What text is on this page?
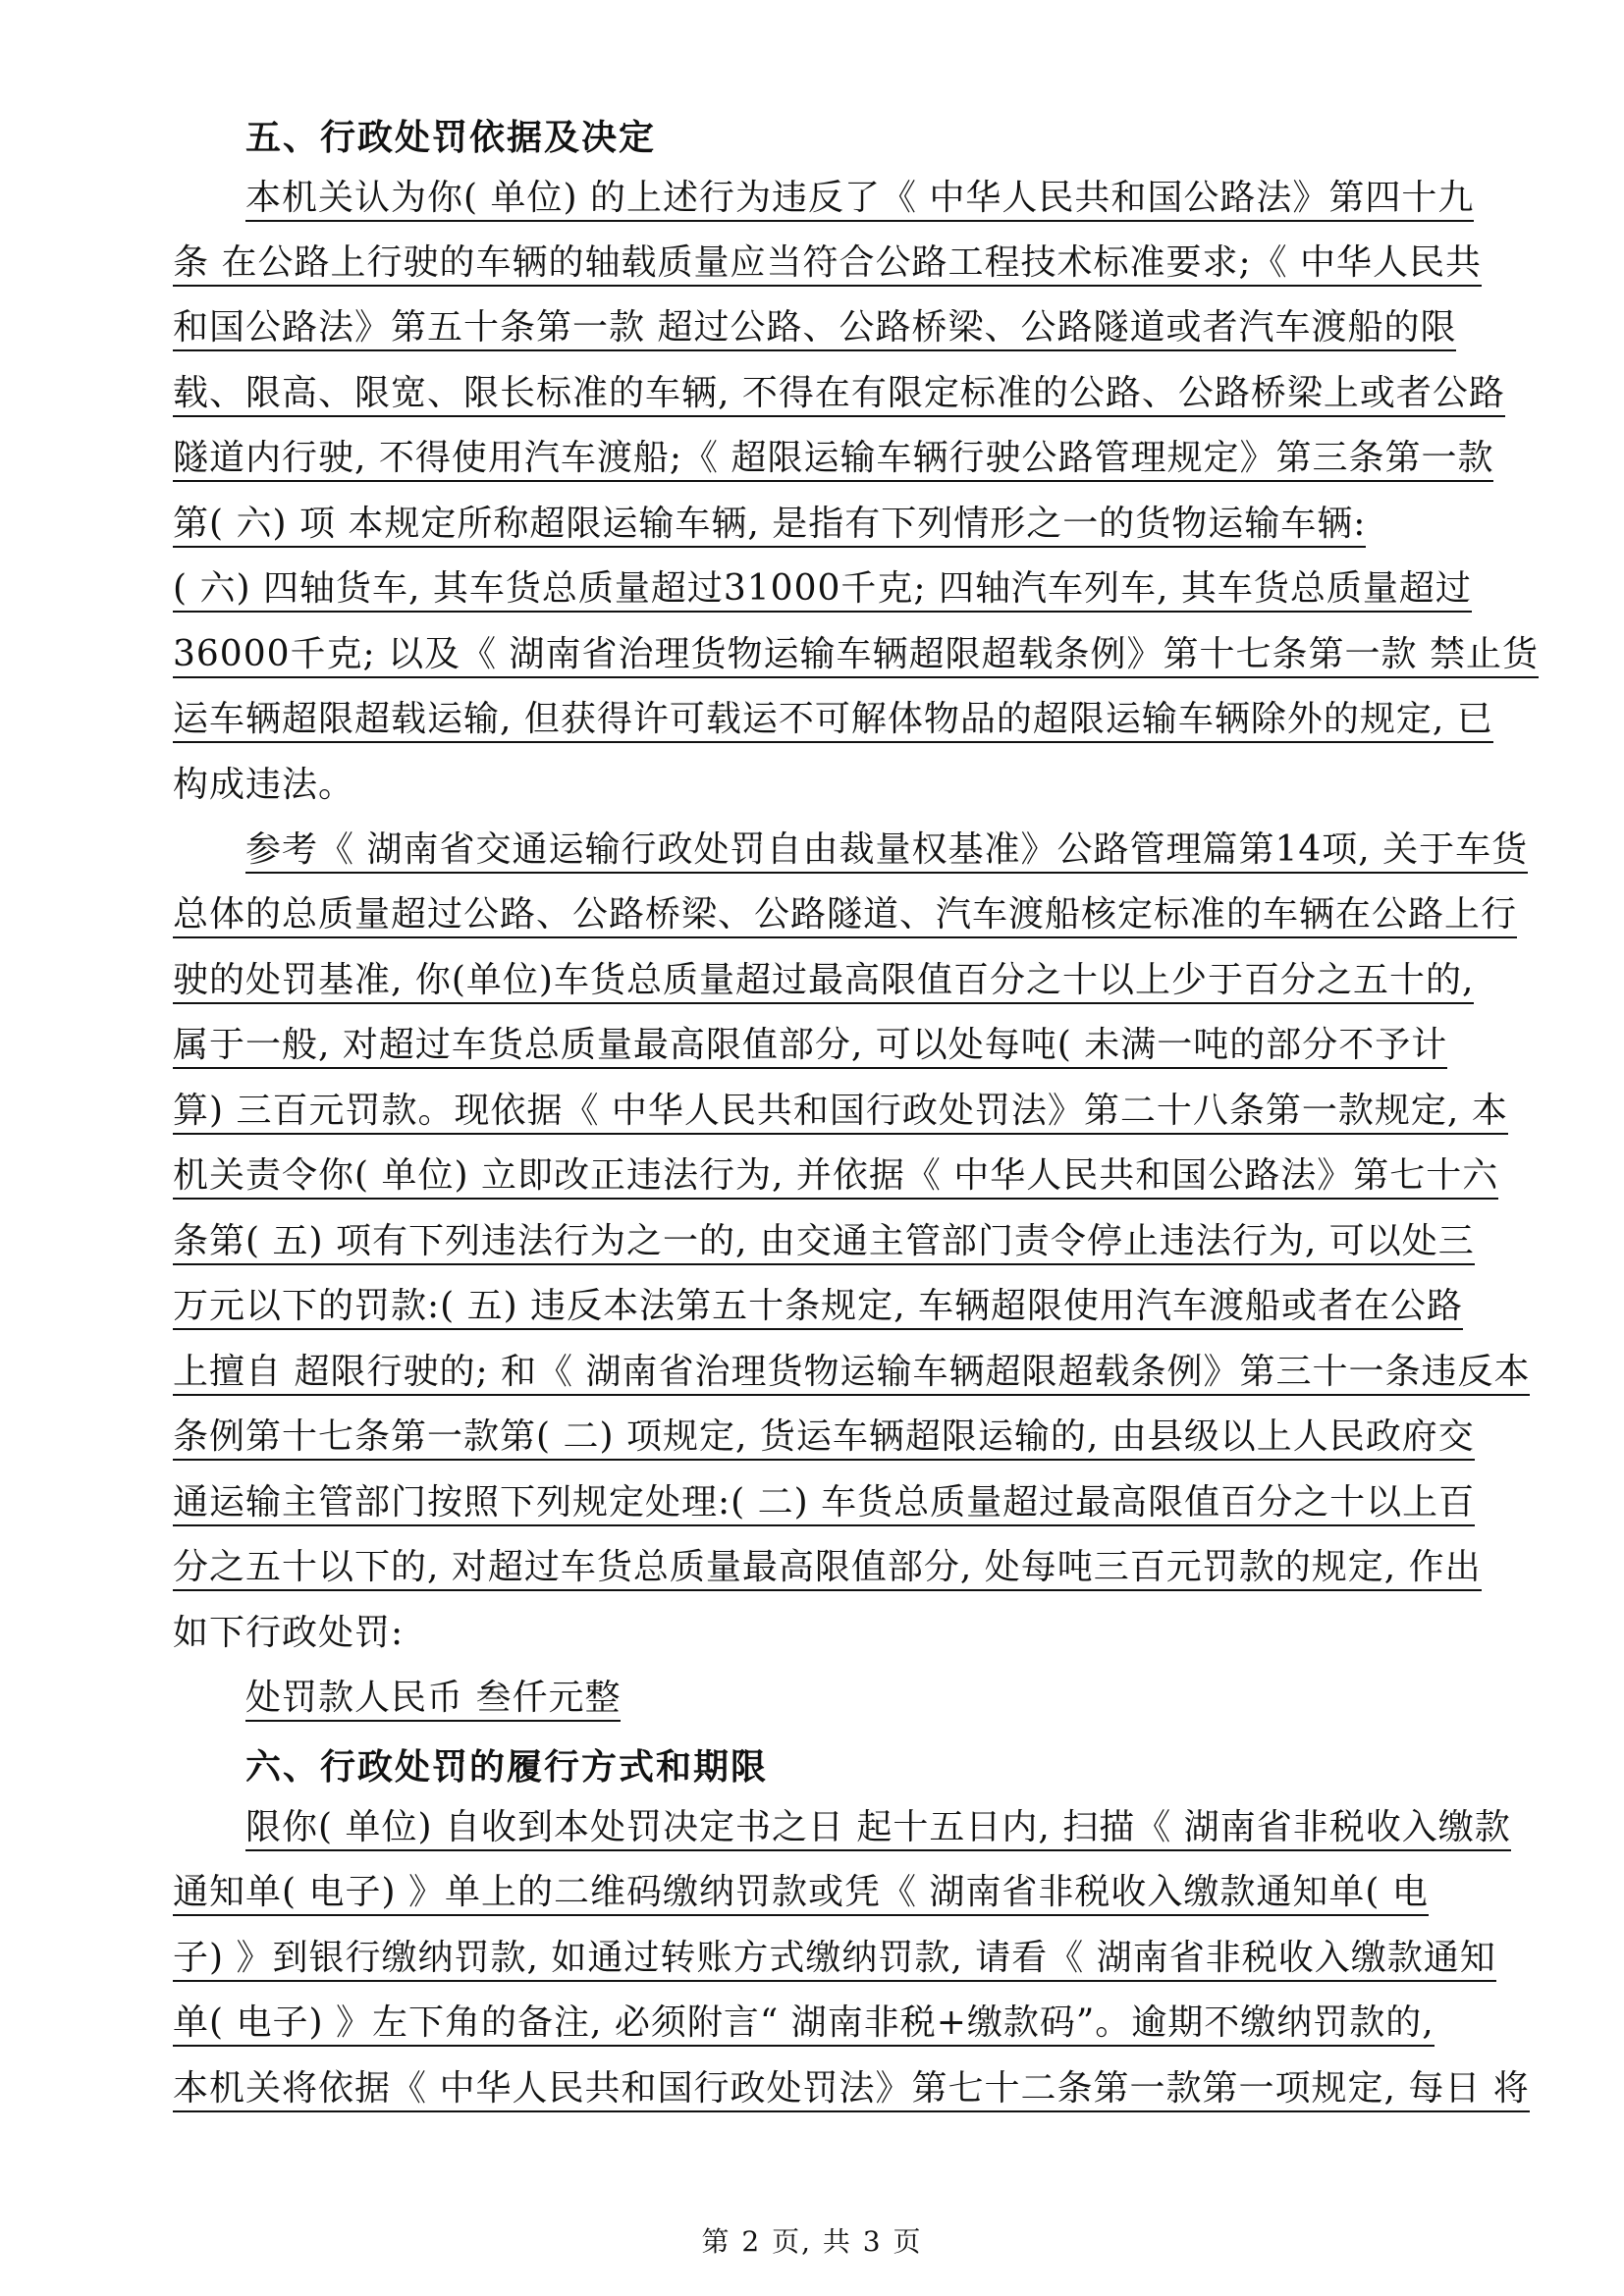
五、行政处罚依据及决定
本机关认为你( 单位) 的上述行为违反了《 中华人民共和国公路法》第四十九
条 在公路上行驶的车辆的轴载质量应当符合公路工程技术标准要求;《 中华人民共
和国公路法》第五十条第一款 超过公路、公路桥梁、公路隧道或者汽车渡船的限
载、限高、限宽、限长标准的车辆, 不得在有限定标准的公路、公路桥梁上或者公路
隧道内行驶, 不得使用汽车渡船;《 超限运输车辆行驶公路管理规定》第三条第一款
第( 六) 项 本规定所称超限运输车辆, 是指有下列情形之一的货物运输车辆:
( 六) 四轴货车, 其车货总质量超过31000千克; 四轴汽车列车, 其车货总质量超过
36000千克; 以及《 湖南省治理货物运输车辆超限超载条例》第十七条第一款 禁止货
运车辆超限超载运输, 但获得许可载运不可解体物品的超限运输车辆除外的规定, 已
构成违法。
参考《 湖南省交通运输行政处罚自由裁量权基准》公路管理篇第14项, 关于车货
总体的总质量超过公路、公路桥梁、公路隧道、汽车渡船核定标准的车辆在公路上行
驶的处罚基准, 你(单位)车货总质量超过最高限值百分之十以上少于百分之五十的,
属于一般, 对超过车货总质量最高限值部分, 可以处每吨( 未满一吨的部分不予计
算) 三百元罚款。现依据《 中华人民共和国行政处罚法》第二十八条第一款规定, 本
机关责令你( 单位) 立即改正违法行为, 并依据《 中华人民共和国公路法》第七十六
条第( 五) 项有下列违法行为之一的, 由交通主管部门责令停止违法行为, 可以处三
万元以下的罚款:( 五) 违反本法第五十条规定, 车辆超限使用汽车渡船或者在公路
上擅自 超限行驶的; 和《 湖南省治理货物运输车辆超限超载条例》第三十一条违反本
条例第十七条第一款第( 二) 项规定, 货运车辆超限运输的, 由县级以上人民政府交
通运输主管部门按照下列规定处理:( 二) 车货总质量超过最高限值百分之十以上百
分之五十以下的, 对超过车货总质量最高限值部分, 处每吨三百元罚款的规定, 作出
如下行政处罚:
处罚款人民币 叁仟元整
六、行政处罚的履行方式和期限
限你( 单位) 自收到本处罚决定书之日 起十五日内, 扫描《 湖南省非税收入缴款
通知单( 电子) 》单上的二维码缴纳罚款或凭《 湖南省非税收入缴款通知单( 电
子) 》到银行缴纳罚款, 如通过转账方式缴纳罚款, 请看《 湖南省非税收入缴款通知
单( 电子) 》左下角的备注, 必须附言“ 湖南非税+缴款码”。逾期不缴纳罚款的,
本机关将依据《 中华人民共和国行政处罚法》第七十二条第一款第一项规定, 每日 将
第 2 页, 共 3 页
